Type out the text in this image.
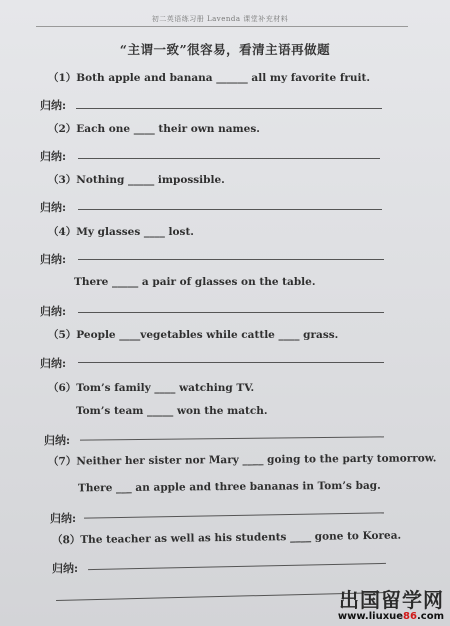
初二英语练习册 Lavenda 课堂补充材料
“主谓一致”很容易，看清主语再做题
（1）Both apple and banana ______ all my favorite fruit.
归纳:
（2）Each one ____ their own names.
归纳:
（3）Nothing _____ impossible.
归纳:
（4）My glasses ____ lost.
归纳:
There _____ a pair of glasses on the table.
归纳:
（5）People ____vegetables while cattle ____ grass.
归纳:
（6）Tom’s family ____ watching TV.
Tom’s team _____ won the match.
归纳:
（7）Neither her sister nor Mary ____ going to the party tomorrow.
There ___ an apple and three bananas in Tom’s bag.
归纳:
（8）The teacher as well as his students ____ gone to Korea.
归纳:
出国留学网
www.liuxue86.com
